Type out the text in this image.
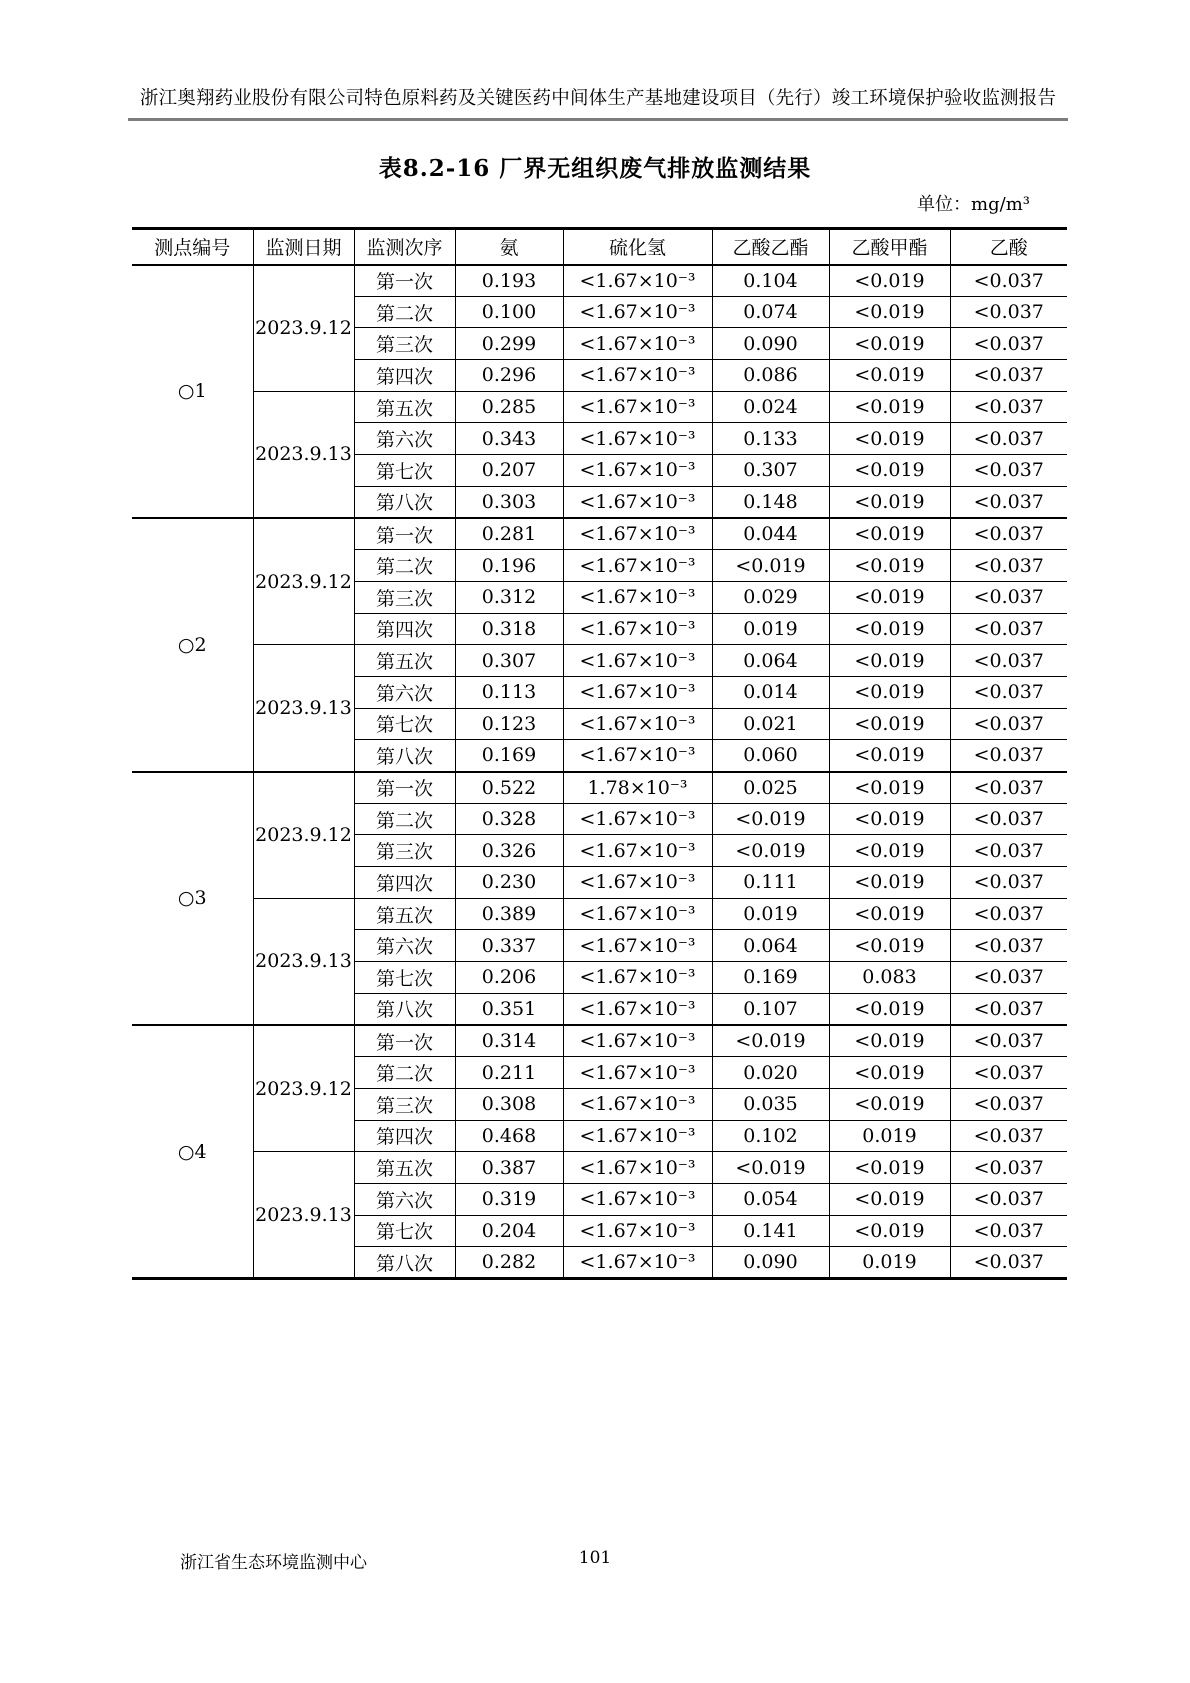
浙江奥翔药业股份有限公司特色原料药及关键医药中间体生产基地建设项目（先行）竣工环境保护验收监测报告
表8.2-16 厂界无组织废气排放监测结果
单位：mg/m³
测点编号	监测日期	监测次序	氨	硫化氢	乙酸乙酯	乙酸甲酯	乙酸
○1	2023.9.12	第一次	0.193	<1.67×10⁻³	0.104	<0.019	<0.037
		第二次	0.100	<1.67×10⁻³	0.074	<0.019	<0.037
		第三次	0.299	<1.67×10⁻³	0.090	<0.019	<0.037
		第四次	0.296	<1.67×10⁻³	0.086	<0.019	<0.037
	2023.9.13	第五次	0.285	<1.67×10⁻³	0.024	<0.019	<0.037
		第六次	0.343	<1.67×10⁻³	0.133	<0.019	<0.037
		第七次	0.207	<1.67×10⁻³	0.307	<0.019	<0.037
		第八次	0.303	<1.67×10⁻³	0.148	<0.019	<0.037
○2	2023.9.12	第一次	0.281	<1.67×10⁻³	0.044	<0.019	<0.037
		第二次	0.196	<1.67×10⁻³	<0.019	<0.019	<0.037
		第三次	0.312	<1.67×10⁻³	0.029	<0.019	<0.037
		第四次	0.318	<1.67×10⁻³	0.019	<0.019	<0.037
	2023.9.13	第五次	0.307	<1.67×10⁻³	0.064	<0.019	<0.037
		第六次	0.113	<1.67×10⁻³	0.014	<0.019	<0.037
		第七次	0.123	<1.67×10⁻³	0.021	<0.019	<0.037
		第八次	0.169	<1.67×10⁻³	0.060	<0.019	<0.037
○3	2023.9.12	第一次	0.522	1.78×10⁻³	0.025	<0.019	<0.037
		第二次	0.328	<1.67×10⁻³	<0.019	<0.019	<0.037
		第三次	0.326	<1.67×10⁻³	<0.019	<0.019	<0.037
		第四次	0.230	<1.67×10⁻³	0.111	<0.019	<0.037
	2023.9.13	第五次	0.389	<1.67×10⁻³	0.019	<0.019	<0.037
		第六次	0.337	<1.67×10⁻³	0.064	<0.019	<0.037
		第七次	0.206	<1.67×10⁻³	0.169	0.083	<0.037
		第八次	0.351	<1.67×10⁻³	0.107	<0.019	<0.037
○4	2023.9.12	第一次	0.314	<1.67×10⁻³	<0.019	<0.019	<0.037
		第二次	0.211	<1.67×10⁻³	0.020	<0.019	<0.037
		第三次	0.308	<1.67×10⁻³	0.035	<0.019	<0.037
		第四次	0.468	<1.67×10⁻³	0.102	0.019	<0.037
	2023.9.13	第五次	0.387	<1.67×10⁻³	<0.019	<0.019	<0.037
		第六次	0.319	<1.67×10⁻³	0.054	<0.019	<0.037
		第七次	0.204	<1.67×10⁻³	0.141	<0.019	<0.037
		第八次	0.282	<1.67×10⁻³	0.090	0.019	<0.037
浙江省生态环境监测中心	101
